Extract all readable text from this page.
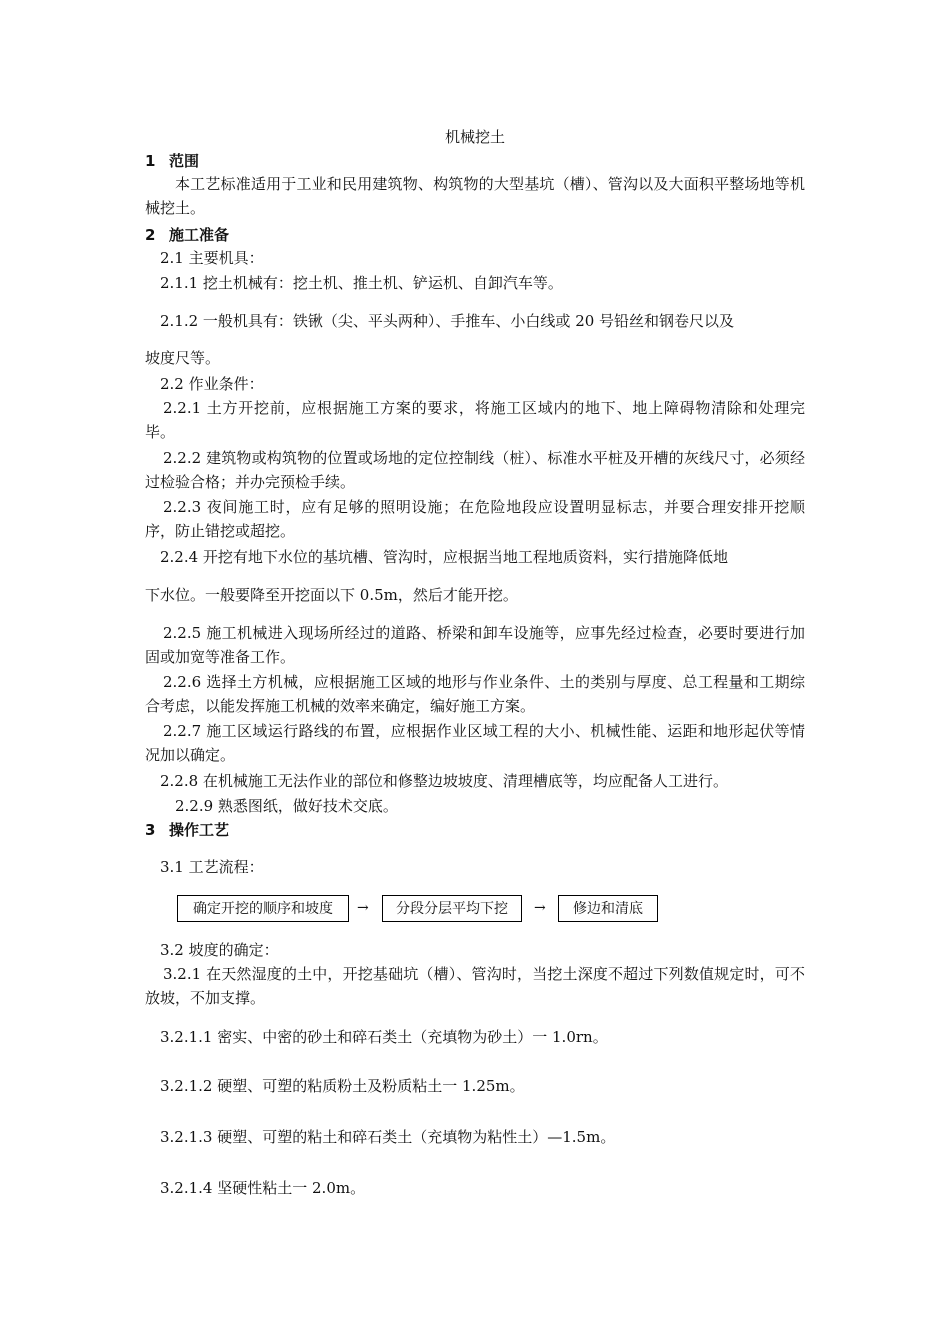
机械挖土
1 范围
本工艺标准适用于工业和民用建筑物、构筑物的大型基坑（槽）、管沟以及大面积平整场地等机械挖土。
2 施工准备
2.1 主要机具：
2.1.1 挖土机械有：挖土机、推土机、铲运机、自卸汽车等。
2.1.2 一般机具有：铁锹（尖、平头两种）、手推车、小白线或 20 号铅丝和钢卷尺以及
坡度尺等。
2.2 作业条件：
2.2.1 土方开挖前，应根据施工方案的要求，将施工区域内的地下、地上障碍物清除和处理完毕。
2.2.2 建筑物或构筑物的位置或场地的定位控制线（桩）、标准水平桩及开槽的灰线尺寸，必须经过检验合格；并办完预检手续。
2.2.3 夜间施工时，应有足够的照明设施；在危险地段应设置明显标志，并要合理安排开挖顺序，防止错挖或超挖。
2.2.4 开挖有地下水位的基坑槽、管沟时，应根据当地工程地质资料，实行措施降低地
下水位。一般要降至开挖面以下 0.5m，然后才能开挖。
2.2.5 施工机械进入现场所经过的道路、桥梁和卸车设施等，应事先经过检查，必要时要进行加固或加宽等准备工作。
2.2.6 选择土方机械，应根据施工区域的地形与作业条件、土的类别与厚度、总工程量和工期综合考虑，以能发挥施工机械的效率来确定，编好施工方案。
2.2.7 施工区域运行路线的布置，应根据作业区域工程的大小、机械性能、运距和地形起伏等情况加以确定。
2.2.8 在机械施工无法作业的部位和修整边坡坡度、清理槽底等，均应配备人工进行。
2.2.9 熟悉图纸，做好技术交底。
3 操作工艺
3.1 工艺流程：
确定开挖的顺序和坡度	→	分段分层平均下挖	→	修边和清底
3.2 坡度的确定：
3.2.1 在天然湿度的土中，开挖基础坑（槽）、管沟时，当挖土深度不超过下列数值规定时，可不放坡，不加支撑。
3.2.1.1 密实、中密的砂土和碎石类土（充填物为砂土）一 1.0rn。
3.2.1.2 硬塑、可塑的粘质粉土及粉质粘土一 1.25m。
3.2.1.3 硬塑、可塑的粘土和碎石类土（充填物为粘性土）—1.5m。
3.2.1.4 坚硬性粘土一 2.0m。
